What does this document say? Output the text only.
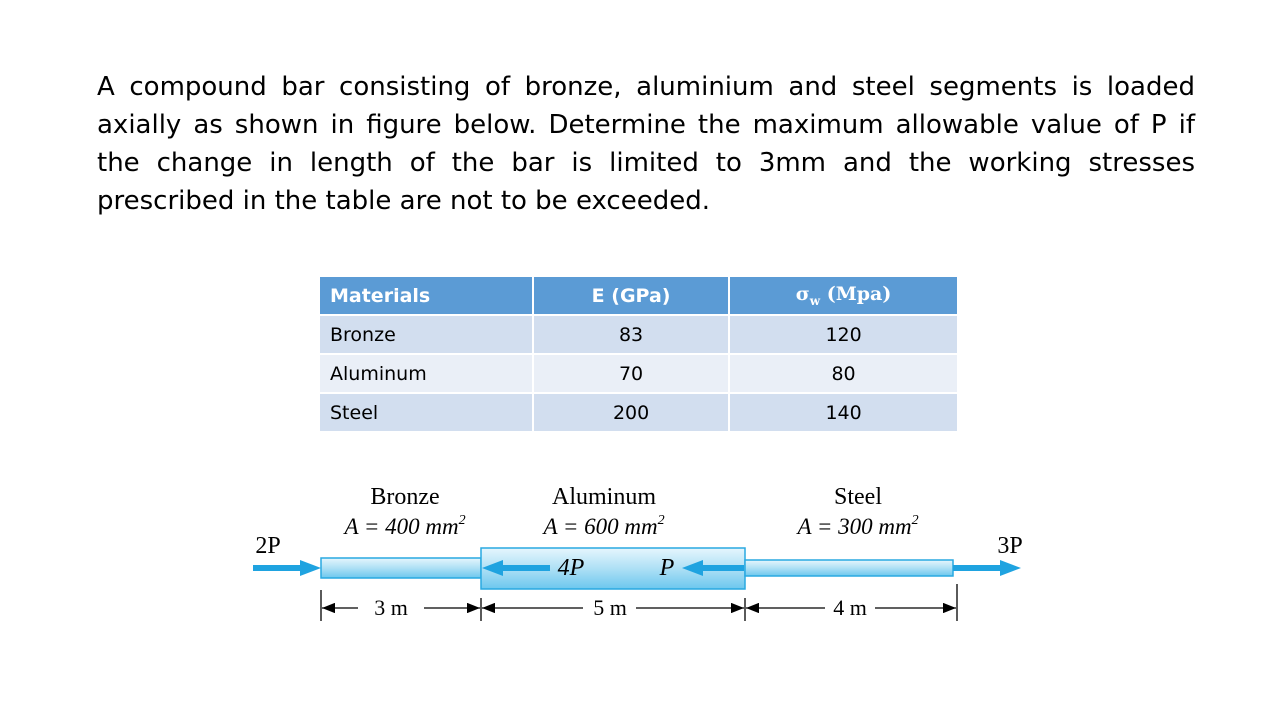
A compound bar consisting of bronze, aluminium and steel segments is loaded axially as shown in figure below. Determine the maximum allowable value of P if the change in length of the bar is limited to 3mm and the working stresses prescribed in the table are not to be exceeded.
Materials	E (GPa)	$\sigma_w$ (Mpa)
Bronze	83	120
Aluminum	70	80
Steel	200	140
Bronze
A = 400 $mm^2$
Aluminum
A = 600 $mm^2$
Steel
A = 300 $mm^2$
2P	3P
4P	P
3 m	5 m	4 m
